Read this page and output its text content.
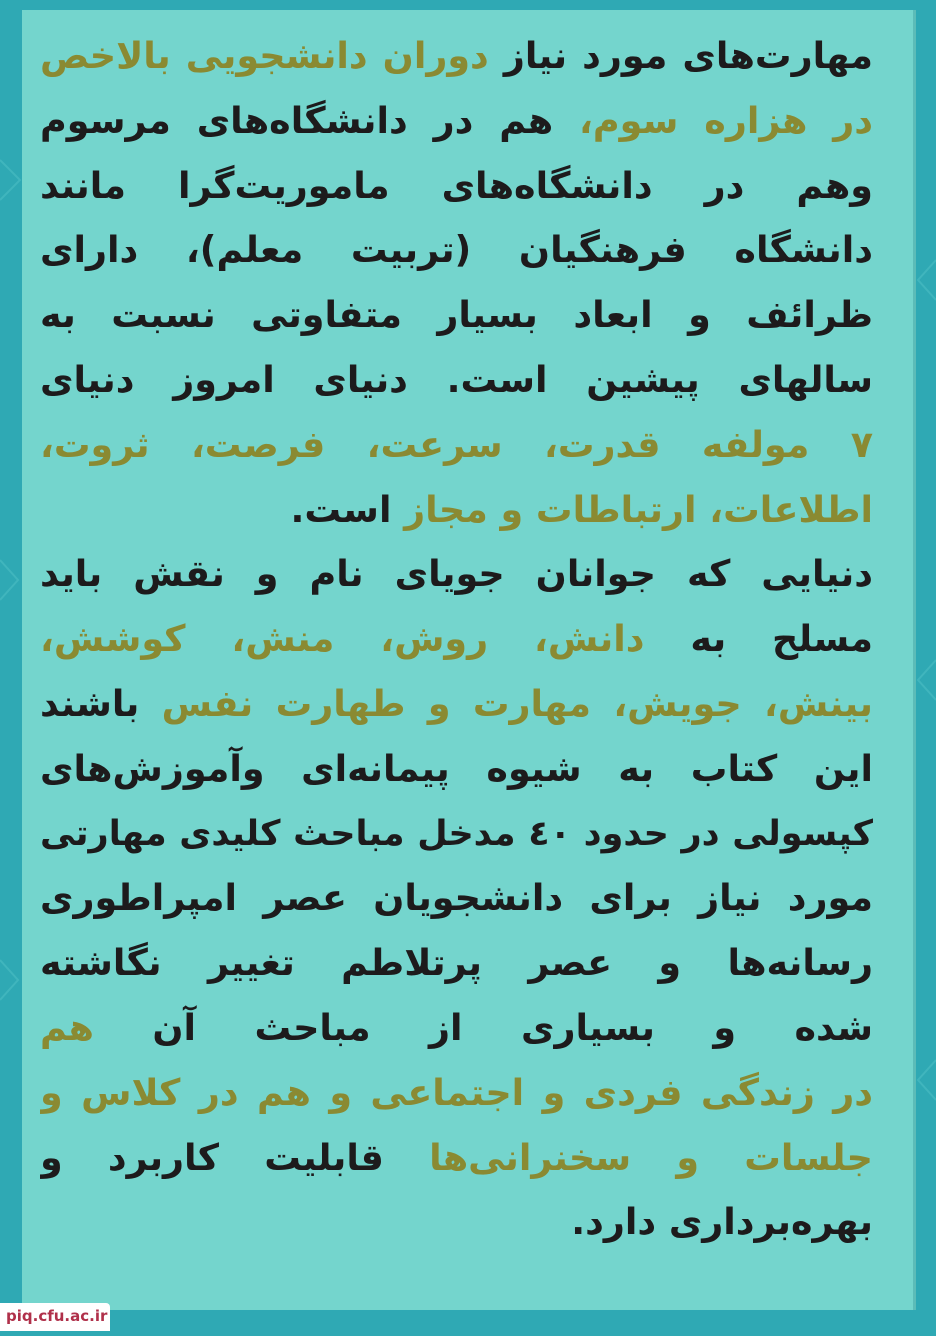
مهارت‌های مورد نیاز دوران دانشجویی بالاخص
در هزاره سوم، هم در دانشگاه‌های مرسوم
وهم در دانشگاه‌های ماموریت‌گرا مانند
دانشگاه فرهنگیان (تربیت معلم)، دارای
ظرائف و ابعاد بسیار متفاوتی نسبت به
سالهای پیشین است. دنیای امروز دنیای
۷ مولفه قدرت، سرعت، فرصت، ثروت،
اطلاعات، ارتباطات و مجاز است.
دنیایی که جوانان جویای نام و نقش باید
مسلح به دانش، روش، منش، کوشش،
بینش، جویش، مهارت و طهارت نفس باشند
این کتاب به شیوه پیمانه‌ای وآموزش‌های
کپسولی در حدود ٤٠ مدخل مباحث کلیدی مهارتی
مورد نیاز برای دانشجویان عصر امپراطوری
رسانه‌ها و عصر پرتلاطم تغییر نگاشته
شده و بسیاری از مباحث آن هم
در زندگی فردی و اجتماعی و هم در کلاس و
جلسات و سخنرانی‌ها قابلیت کاربرد و
بهره‌برداری دارد.
piq.cfu.ac.ir
